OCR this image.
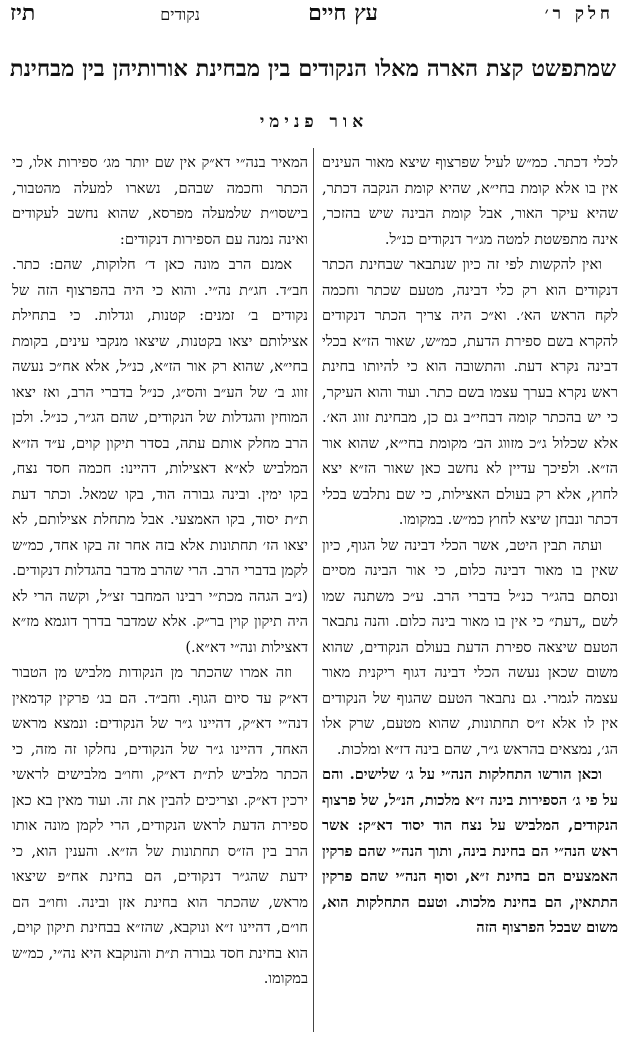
חלק ר׳
עץ חיים
נקודים
תיז
שמתפשט קצת הארה מאלו הנקודים בין מבחינת אורותיהן בין מבחינת
אור פנימי

לכלי דכתר. כמ״ש לעיל שפרצוף שיצא מאור העינים אין בו אלא קומת בחי״א, שהיא קומת הנקבה דכתר, שהיא עיקר האור, אבל קומת הבינה שיש בהזכר, אינה מתפשטת למטה מג״ר דנקודים כנ״ל.

ואין להקשות לפי זה כיון שנתבאר שבחינת הכתר דנקודים הוא רק כלי דבינה, מטעם שכתר וחכמה לקח הראש הא׳. וא״כ היה צריך הכתר דנקודים להקרא בשם ספירת הדעת, כמ״ש, שאור הז״א בכלי דבינה נקרא דעת. והתשובה הוא כי להיותו בחינת ראש נקרא בערך עצמו בשם כתר. ועוד והוא העיקר, כי יש בהכתר קומה דבחי״ב גם כן, מבחינת זווג הא׳. אלא שכלול ג״כ מזווג הב׳ מקומת בחי״א, שהוא אור הז״א. ולפיכך עדיין לא נחשב כאן שאור הז״א יצא לחוץ, אלא רק בעולם האצילות, כי שם נתלבש בכלי דכתר ונבחן שיצא לחוץ כמ״ש. במקומו.

ועתה תבין היטב, אשר הכלי דבינה של הגוף, כיון שאין בו מאור דבינה כלום, כי אור הבינה מסיים ונסתם בהג״ר כנ״ל בדברי הרב. ע״כ משתנה שמו לשם „דעת״ כי אין בו מאור בינה כלום. והנה נתבאר הטעם שיצאה ספירת הדעת בעולם הנקודים, שהוא משום שכאן נעשה הכלי דבינה דגוף ריקנית מאור עצמה לגמרי. גם נתבאר הטעם שהגוף של הנקודים אין לו אלא ז״ס תחתונות, שהוא מטעם, שרק אלו הג׳, נמצאים בהראש ג״ר, שהם בינה דז״א ומלכות.

וכאן הורשו התחלקות הנה״י על ג׳ שלישים. והם על פי ג׳ הספירות בינה ז״א מלכות, הנ״ל, של פרצוף הנקודים, המלביש על נצח הוד יסוד דא״ק: אשר ראש הנה״י הם בחינת בינה, ותוך הנה״י שהם פרקין האמצעים הם בחינת ז״א, וסוף הנה״י שהם פרקין התתאין, הם בחינת מלכות. וטעם התחלקות הוא, משום שבכל הפרצוף הזה

המאיר בנה״י דא״ק אין שם יותר מג׳ ספירות אלו, כי הכתר וחכמה שבהם, נשארו למעלה מהטבור, בישסו״ת שלמעלה מפרסא, שהוא נחשב לעקודים ואינה נמנה עם הספירות דנקודים:

אמנם הרב מונה כאן ד׳ חלוקות, שהם: כתר. חב״ד. חג״ת נה״י. והוא כי היה בהפרצוף הזה של נקודים ב׳ זמנים: קטנות, וגדלות. כי בתחילת אצילותם יצאו בקטנות, שיצאו מנקבי עינים, בקומת בחי״א, שהוא רק אור הז״א, כנ״ל, אלא אח״כ נעשה זווג ב׳ של הע״ב והס״ג, כנ״ל בדברי הרב, ואז יצאו המוחין והגדלות של הנקודים, שהם הג״ר, כנ״ל. ולכן הרב מחלק אותם עתה, בסדר תיקון קוים, ע״ד הז״א המלביש לא״א דאצילות, דהיינו: חכמה חסד נצח, בקו ימין. ובינה גבורה הוד, בקו שמאל. וכתר דעת ת״ת יסוד, בקו האמצעי. אבל מתחלת אצילותם, לא יצאו הז׳ תחתונות אלא בזה אחר זה בקו אחד, כמ״ש לקמן בדברי הרב. הרי שהרב מדבר בהגדלות דנקודים. (נ״ב הגהה מכת״י רבינו המחבר זצ״ל, וקשה הרי לא היה תיקון קוין בר״ק. אלא שמדבר בדרך דוגמא מז״א דאצילות ונה״י דא״א.)

וזה אמרו שהכתר מן הנקודות מלביש מן הטבור דא״ק עד סיום הגוף. וחב״ד. הם בג׳ פרקין קדמאין דנה״י דא״ק, דהיינו ג״ר של הנקודים: ונמצא מראש האחד, דהיינו ג״ר של הנקודים, נחלקו זה מזה, כי הכתר מלביש לת״ת דא״ק, וחו״ב מלבישים לראשי ירכין דא״ק. וצריכים להבין את זה. ועוד מאין בא כאן ספירת הדעת לראש הנקודים, הרי לקמן מונה אותו הרב בין הז״ס תחתונות של הז״א. והענין הוא, כי ידעת שהג״ר דנקודים, הם בחינת אח״פ שיצאו מראש, שהכתר הוא בחינת אזן ובינה. וחו״ב הם חו״ם, דהיינו ז״א ונוקבא, שהז״א בבחינת תיקון קוים, הוא בחינת חסד גבורה ת״ת והנוקבא היא נה״י, כמ״ש במקומו.
